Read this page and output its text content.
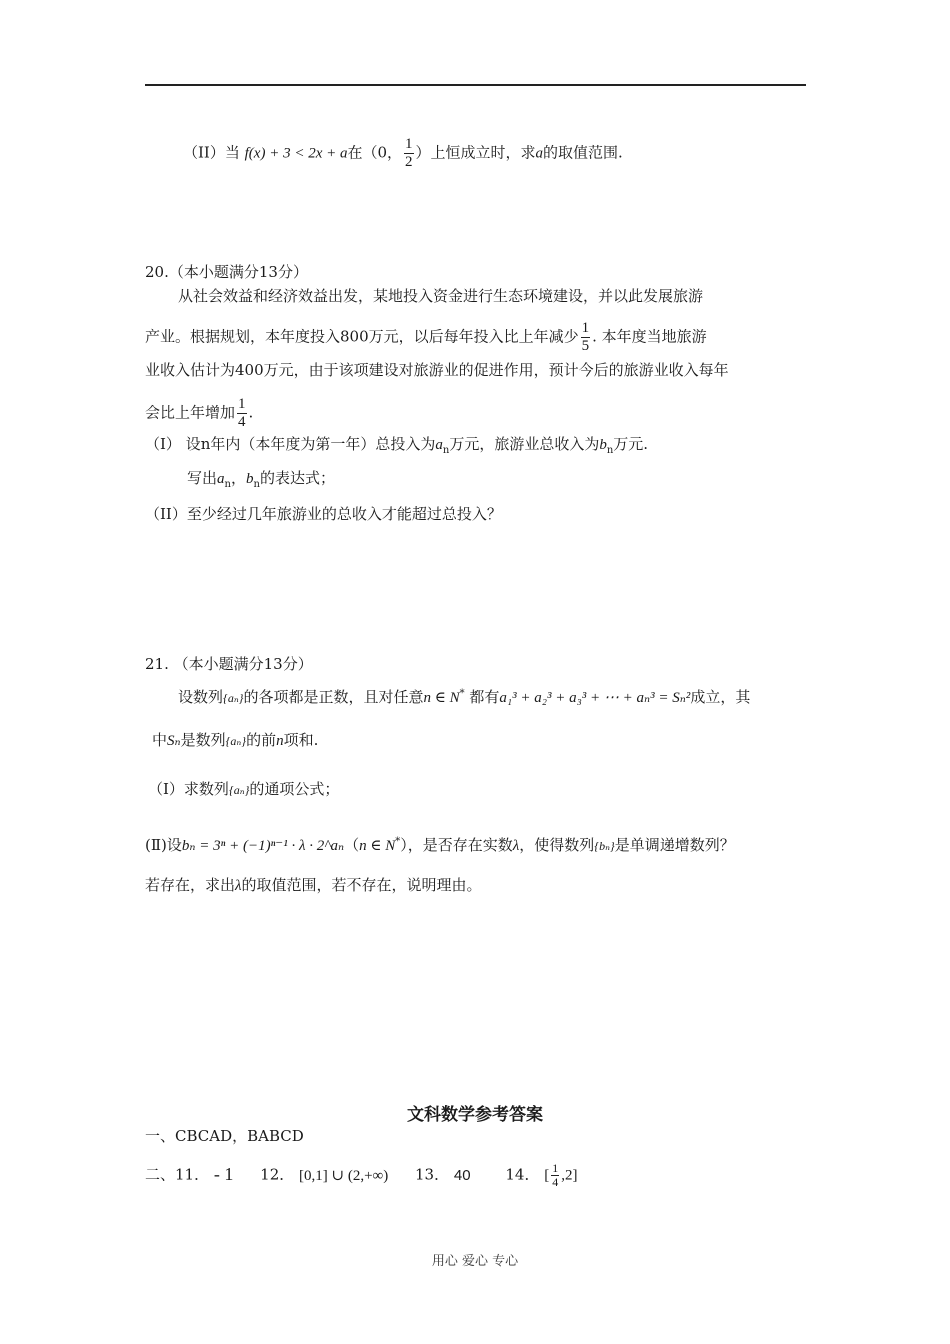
（II）当 f(x) + 3 < 2x + a在（0， $\frac{1}{2}$ ）上恒成立时，求a的取值范围.
20.（本小题满分13分）
从社会效益和经济效益出发，某地投入资金进行生态环境建设，并以此发展旅游
产业。根据规划，本年度投入800万元，以后每年投入比上年减少 $\frac{1}{5}$ . 本年度当地旅游
业收入估计为400万元，由于该项建设对旅游业的促进作用，预计今后的旅游业收入每年
会比上年增加 $\frac{1}{4}$ .
（I） 设n年内（本年度为第一年）总投入为$a_n$万元，旅游业总收入为$b_n$万元.
写出$a_n$，$b_n$的表达式；
（II）至少经过几年旅游业的总收入才能超过总投入？
21. （本小题满分13分）
设数列{aₙ}的各项都是正数，且对任意n ∈ N* 都有a₁³ + a₂³ + a₃³ + ⋯ + aₙ³ = Sₙ²成立，其
中Sₙ是数列{aₙ}的前n项和.
（Ⅰ）求数列{aₙ}的通项公式；
(Ⅱ)设bₙ = 3ⁿ + (−1)ⁿ⁻¹ · λ · 2^aₙ（n ∈ N*），是否存在实数λ，使得数列{bₙ}是单调递增数列？
若存在，求出λ的取值范围，若不存在，说明理由。
文科数学参考答案
一、CBCAD，BABCD
二、11． - 1 12． [0,1] ∪ (2,+∞) 13． 40 14． [ $\frac{1}{4} ,2$]
用心 爱心 专心
